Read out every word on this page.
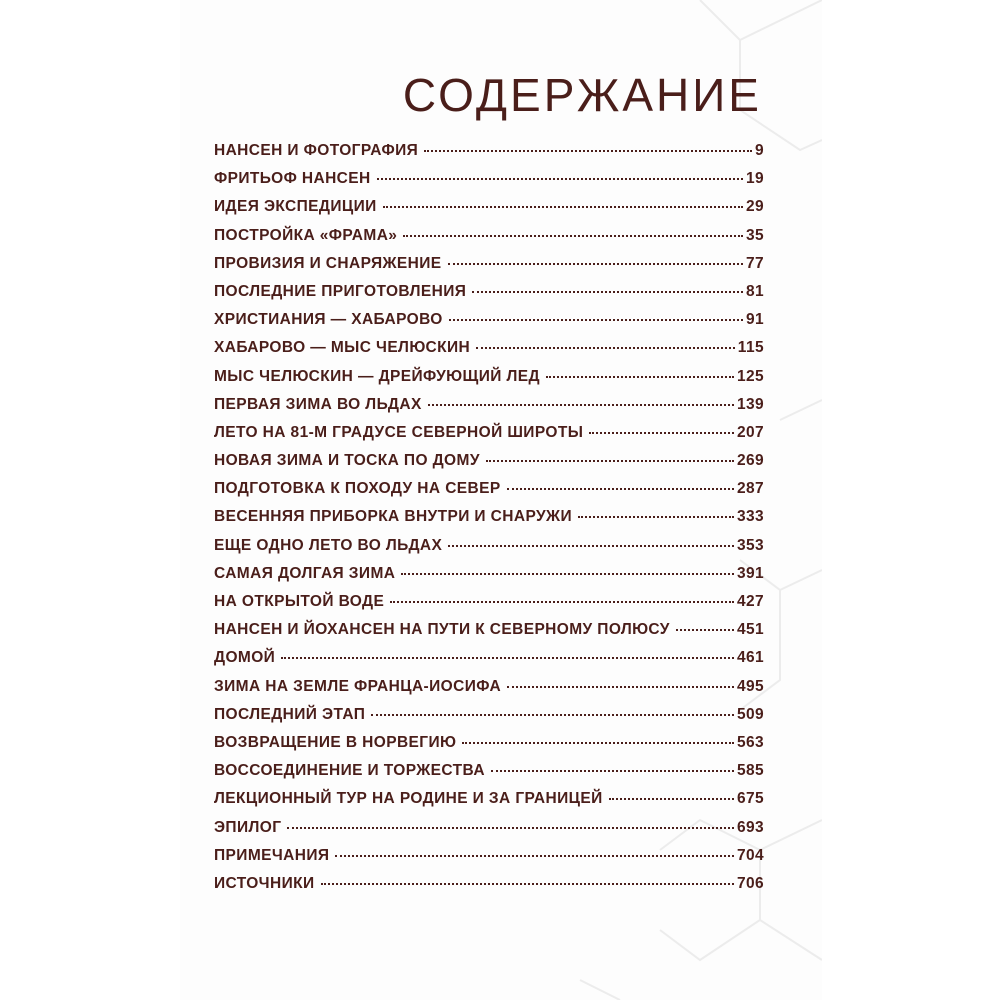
СОДЕРЖАНИЕ
НАНСЕН И ФОТОГРАФИЯ	9
ФРИТЬОФ НАНСЕН	19
ИДЕЯ ЭКСПЕДИЦИИ	29
ПОСТРОЙКА «ФРАМА»	35
ПРОВИЗИЯ И СНАРЯЖЕНИЕ	77
ПОСЛЕДНИЕ ПРИГОТОВЛЕНИЯ	81
ХРИСТИАНИЯ — ХАБАРОВО	91
ХАБАРОВО — МЫС ЧЕЛЮСКИН	115
МЫС ЧЕЛЮСКИН — ДРЕЙФУЮЩИЙ ЛЕД	125
ПЕРВАЯ ЗИМА ВО ЛЬДАХ	139
ЛЕТО НА 81-М ГРАДУСЕ СЕВЕРНОЙ ШИРОТЫ	207
НОВАЯ ЗИМА И ТОСКА ПО ДОМУ	269
ПОДГОТОВКА К ПОХОДУ НА СЕВЕР	287
ВЕСЕННЯЯ ПРИБОРКА ВНУТРИ И СНАРУЖИ	333
ЕЩЕ ОДНО ЛЕТО ВО ЛЬДАХ	353
САМАЯ ДОЛГАЯ ЗИМА	391
НА ОТКРЫТОЙ ВОДЕ	427
НАНСЕН И ЙОХАНСЕН НА ПУТИ К СЕВЕРНОМУ ПОЛЮСУ	451
ДОМОЙ	461
ЗИМА НА ЗЕМЛЕ ФРАНЦА-ИОСИФА	495
ПОСЛЕДНИЙ ЭТАП	509
ВОЗВРАЩЕНИЕ В НОРВЕГИЮ	563
ВОССОЕДИНЕНИЕ И ТОРЖЕСТВА	585
ЛЕКЦИОННЫЙ ТУР НА РОДИНЕ И ЗА ГРАНИЦЕЙ	675
ЭПИЛОГ	693
ПРИМЕЧАНИЯ	704
ИСТОЧНИКИ	706
